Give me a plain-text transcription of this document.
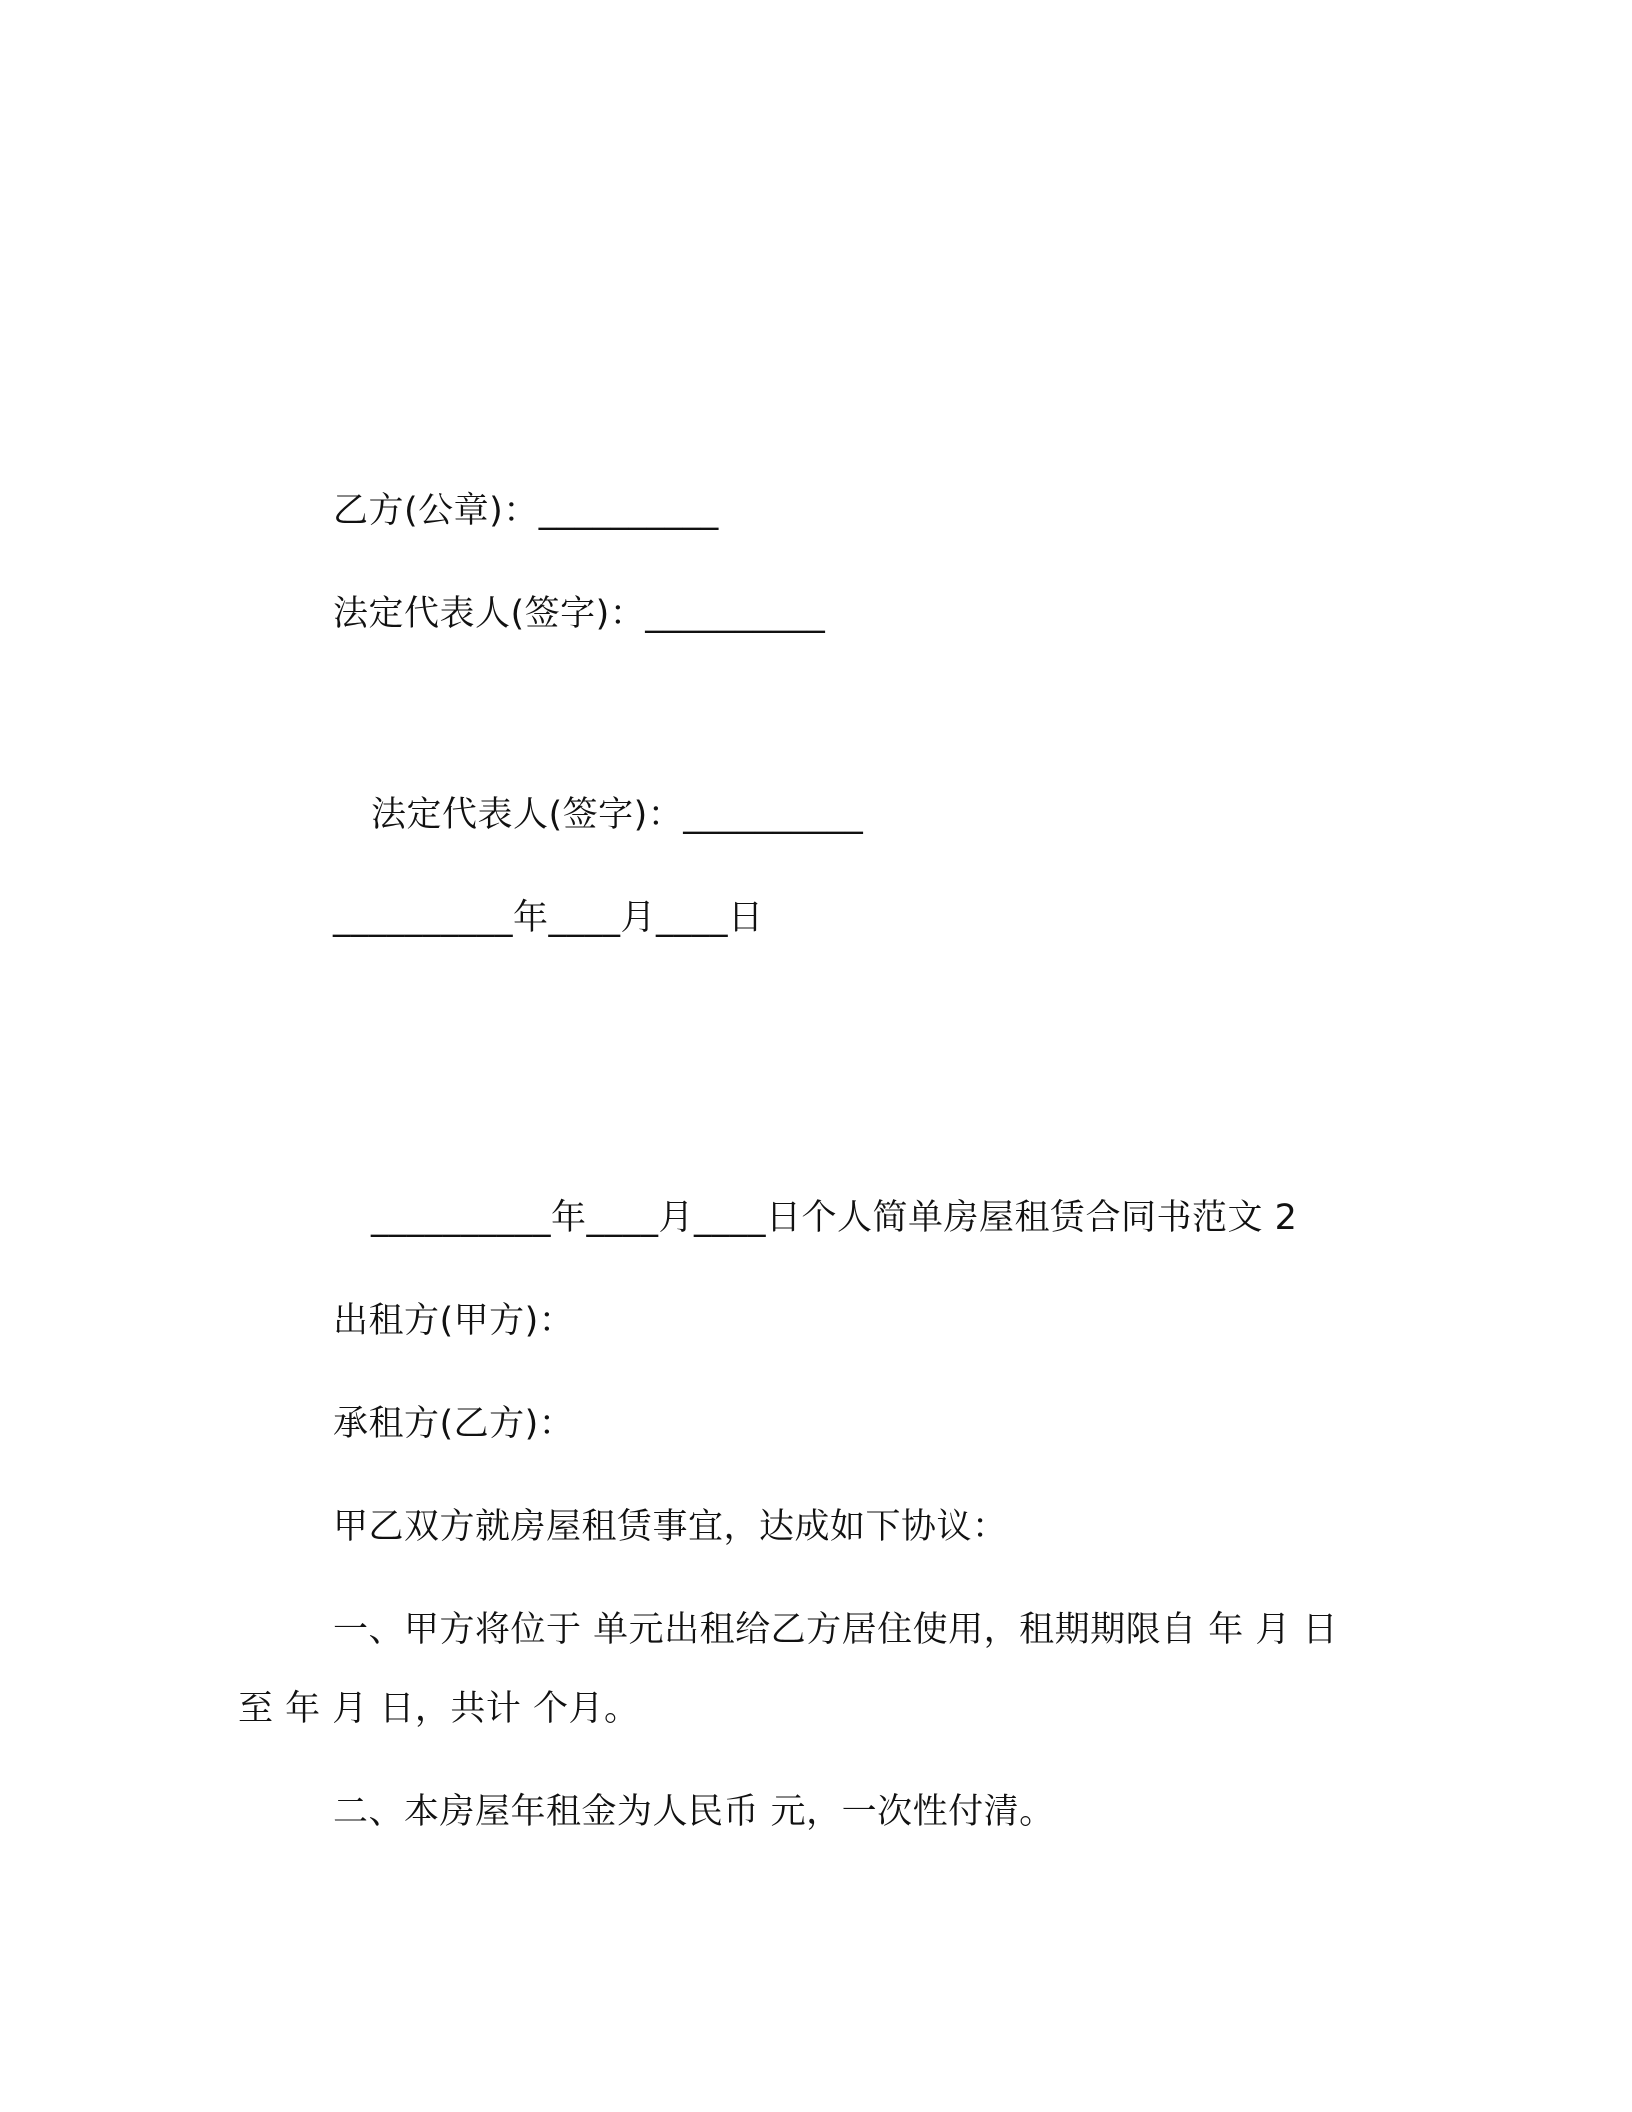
乙方(公章)：__________
法定代表人(签字)：__________
法定代表人(签字)：__________
__________年____月____日
__________年____月____日个人简单房屋租赁合同书范文 2
出租方(甲方)：
承租方(乙方)：
甲乙双方就房屋租赁事宜，达成如下协议：
一、甲方将位于 单元出租给乙方居住使用，租期期限自 年 月 日
至 年 月 日，共计 个月。
二、本房屋年租金为人民币 元，一次性付清。
